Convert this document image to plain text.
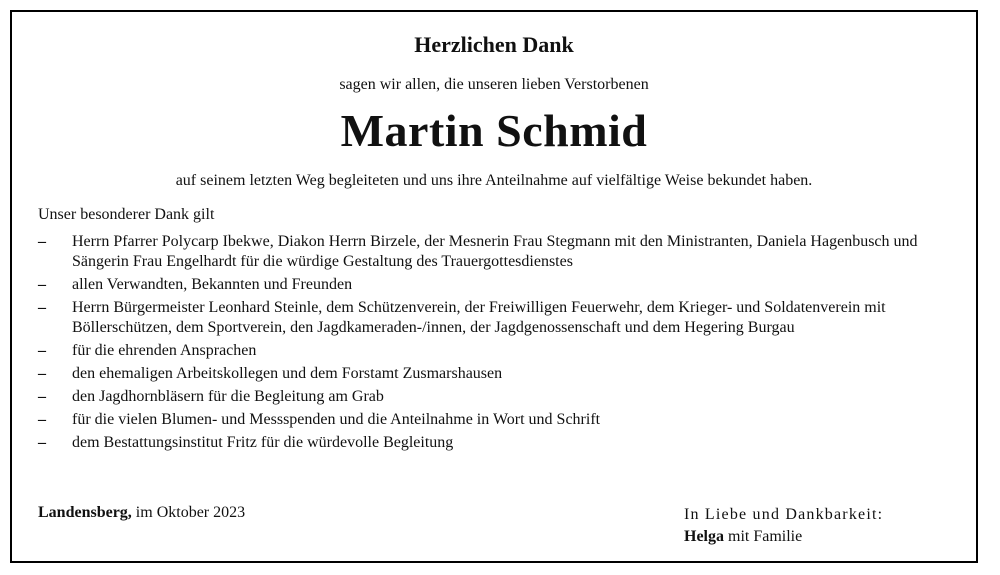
Herzlichen Dank
sagen wir allen, die unseren lieben Verstorbenen
Martin Schmid
auf seinem letzten Weg begleiteten und uns ihre Anteilnahme auf vielfältige Weise bekundet haben.
Unser besonderer Dank gilt
–	Herrn Pfarrer Polycarp Ibekwe, Diakon Herrn Birzele, der Mesnerin Frau Stegmann mit den Ministranten, Daniela Hagenbusch und Sängerin Frau Engelhardt für die würdige Gestaltung des Trauergottesdienstes
–	allen Verwandten, Bekannten und Freunden
–	Herrn Bürgermeister Leonhard Steinle, dem Schützenverein, der Freiwilligen Feuerwehr, dem Krieger- und Soldatenverein mit Böllerschützen, dem Sportverein, den Jagdkameraden-/innen, der Jagdgenossenschaft und dem Hegering Burgau
–	für die ehrenden Ansprachen
–	den ehemaligen Arbeitskollegen und dem Forstamt Zusmarshausen
–	den Jagdhornbläsern für die Begleitung am Grab
–	für die vielen Blumen- und Messspenden und die Anteilnahme in Wort und Schrift
–	dem Bestattungsinstitut Fritz für die würdevolle Begleitung
Landensberg, im Oktober 2023	In Liebe und Dankbarkeit:
Helga mit Familie
